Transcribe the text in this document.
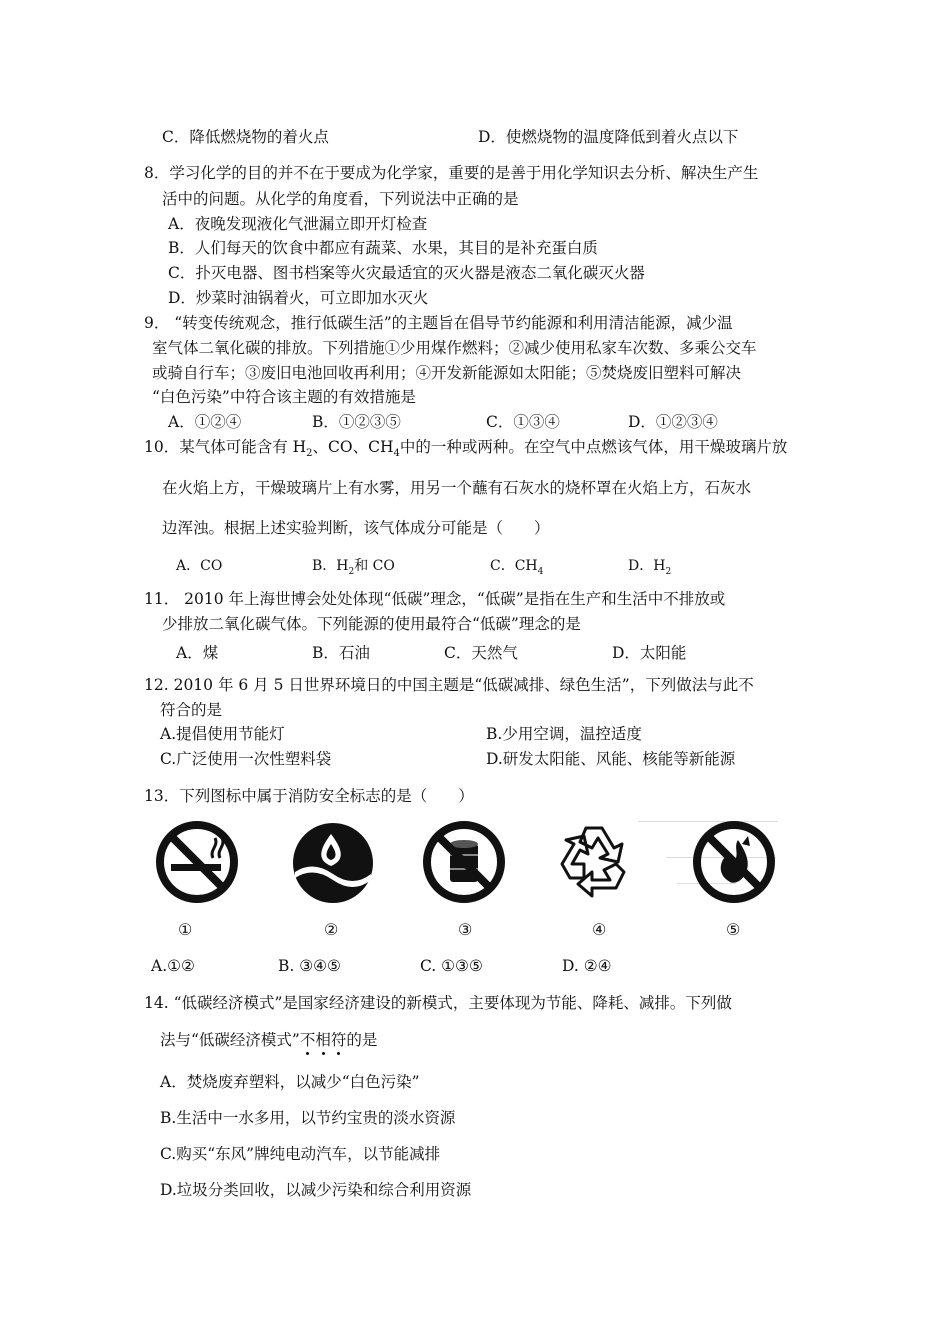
C．降低燃烧物的着火点	D．使燃烧物的温度降低到着火点以下
8．学习化学的目的并不在于要成为化学家，重要的是善于用化学知识去分析、解决生产生
活中的问题。从化学的角度看，下列说法中正确的是
A．夜晚发现液化气泄漏立即开灯检查
B．人们每天的饮食中都应有蔬菜、水果，其目的是补充蛋白质
C．扑灭电器、图书档案等火灾最适宜的灭火器是液态二氧化碳灭火器
D．炒菜时油锅着火，可立即加水灭火
9． “转变传统观念，推行低碳生活”的主题旨在倡导节约能源和利用清洁能源，减少温
室气体二氧化碳的排放。下列措施①少用煤作燃料；②减少使用私家车次数、多乘公交车
或骑自行车；③废旧电池回收再利用；④开发新能源如太阳能；⑤焚烧废旧塑料可解决
“白色污染”中符合该主题的有效措施是
A．①②④	B．①②③⑤	C．①③④	D．①②③④
10．某气体可能含有 $H_2$、CO、$CH_4$中的一种或两种。在空气中点燃该气体，用干燥玻璃片放
在火焰上方，干燥玻璃片上有水雾，用另一个蘸有石灰水的烧杯罩在火焰上方，石灰水
边浑浊。根据上述实验判断，该气体成分可能是（　　）
A．CO	B．$H_2$和 CO	C．$CH_4$	D．$H_2$
11． 2010 年上海世博会处处体现“低碳”理念，“低碳”是指在生产和生活中不排放或
少排放二氧化碳气体。下列能源的使用最符合“低碳”理念的是
A．煤	B．石油	C．天然气	D．太阳能
12. 2010 年 6 月 5 日世界环境日的中国主题是“低碳减排、绿色生活”，下列做法与此不
符合的是
A.提倡使用节能灯	B.少用空调，温控适度
C.广泛使用一次性塑料袋	D.研发太阳能、风能、核能等新能源
13．下列图标中属于消防安全标志的是（　　）
①	②	③	④	⑤
A.①②	B. ③④⑤	C. ①③⑤	D. ②④
14. “低碳经济模式”是国家经济建设的新模式，主要体现为节能、降耗、减排。下列做
法与“低碳经济模式”不相符的是
A．焚烧废弃塑料，以减少“白色污染”
B.生活中一水多用，以节约宝贵的淡水资源
C.购买“东风”牌纯电动汽车，以节能减排
D.垃圾分类回收，以减少污染和综合利用资源
